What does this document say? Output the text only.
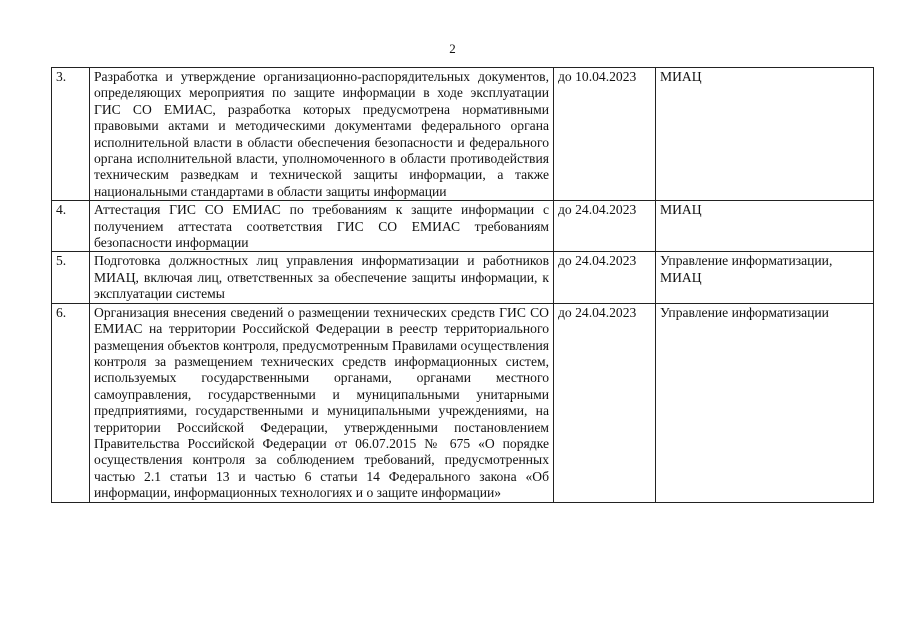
2
3.	Разработка и утверждение организационно-распорядительных документов, определяющих мероприятия по защите информации в ходе эксплуатации ГИС СО ЕМИАС, разработка которых предусмотрена нормативными правовыми актами и методическими документами федерального органа исполнительной власти в области обеспечения безопасности и федерального органа исполнительной власти, уполномоченного в области противодействия техническим разведкам и технической защиты информации, а также национальными стандартами в области защиты информации	до 10.04.2023	МИАЦ
4.	Аттестация ГИС СО ЕМИАС по требованиям к защите информации с получением аттестата соответствия ГИС СО ЕМИАС требованиям безопасности информации	до 24.04.2023	МИАЦ
5.	Подготовка должностных лиц управления информатизации и работников МИАЦ, включая лиц, ответственных за обеспечение защиты информации, к эксплуатации системы	до 24.04.2023	Управление информатизации, МИАЦ
6.	Организация внесения сведений о размещении технических средств ГИС СО ЕМИАС на территории Российской Федерации в реестр территориального размещения объектов контроля, предусмотренным Правилами осуществления контроля за размещением технических средств информационных систем, используемых государственными органами, органами местного самоуправления, государственными и муниципальными унитарными предприятиями, государственными и муниципальными учреждениями, на территории Российской Федерации, утвержденными постановлением Правительства Российской Федерации от 06.07.2015 № 675 «О порядке осуществления контроля за соблюдением требований, предусмотренных частью 2.1 статьи 13 и частью 6 статьи 14 Федерального закона «Об информации, информационных технологиях и о защите информации»	до 24.04.2023	Управление информатизации
